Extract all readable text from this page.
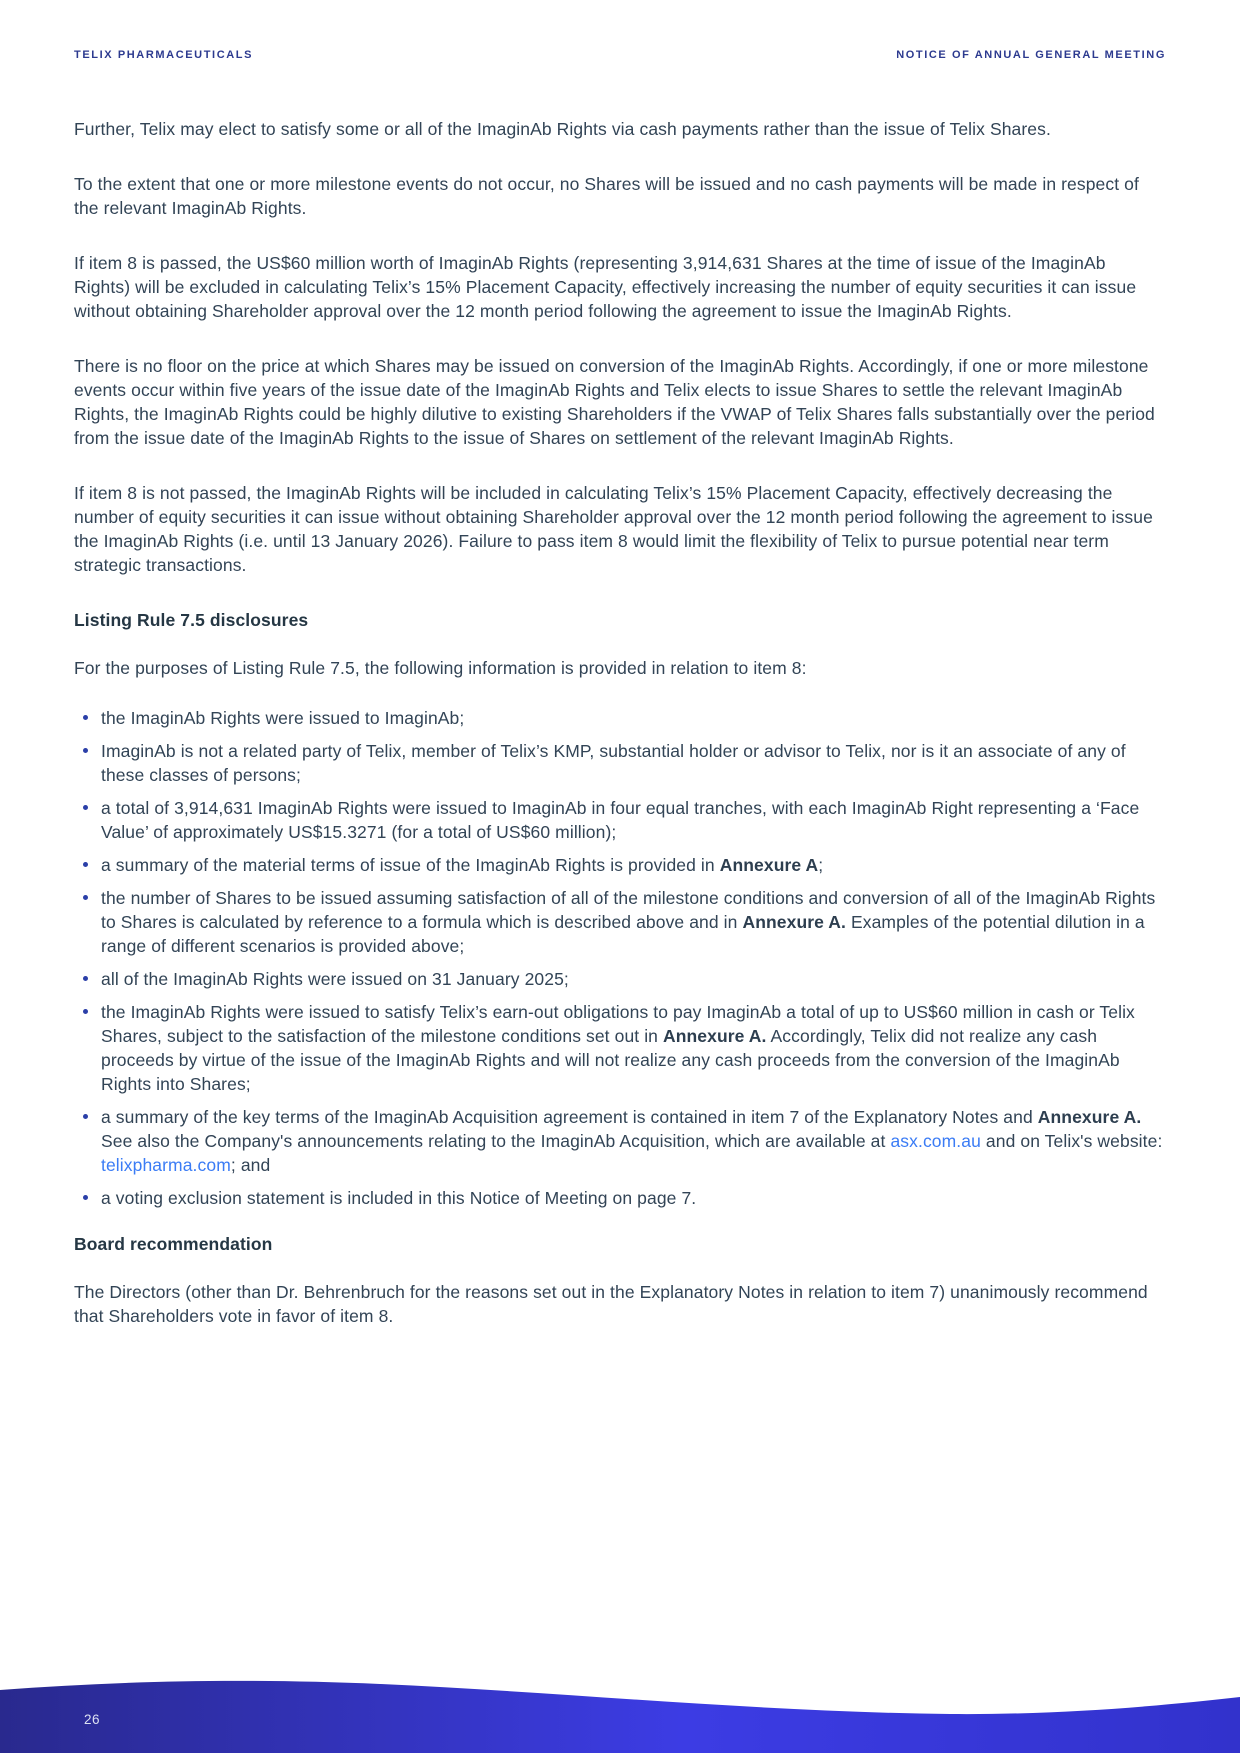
TELIX PHARMACEUTICALS	NOTICE OF ANNUAL GENERAL MEETING

Further, Telix may elect to satisfy some or all of the ImaginAb Rights via cash payments rather than the issue of Telix Shares.

To the extent that one or more milestone events do not occur, no Shares will be issued and no cash payments will be made in respect of the relevant ImaginAb Rights.

If item 8 is passed, the US$60 million worth of ImaginAb Rights (representing 3,914,631 Shares at the time of issue of the ImaginAb Rights) will be excluded in calculating Telix’s 15% Placement Capacity, effectively increasing the number of equity securities it can issue without obtaining Shareholder approval over the 12 month period following the agreement to issue the ImaginAb Rights.

There is no floor on the price at which Shares may be issued on conversion of the ImaginAb Rights. Accordingly, if one or more milestone events occur within five years of the issue date of the ImaginAb Rights and Telix elects to issue Shares to settle the relevant ImaginAb Rights, the ImaginAb Rights could be highly dilutive to existing Shareholders if the VWAP of Telix Shares falls substantially over the period from the issue date of the ImaginAb Rights to the issue of Shares on settlement of the relevant ImaginAb Rights.

If item 8 is not passed, the ImaginAb Rights will be included in calculating Telix’s 15% Placement Capacity, effectively decreasing the number of equity securities it can issue without obtaining Shareholder approval over the 12 month period following the agreement to issue the ImaginAb Rights (i.e. until 13 January 2026). Failure to pass item 8 would limit the flexibility of Telix to pursue potential near term strategic transactions.

Listing Rule 7.5 disclosures

For the purposes of Listing Rule 7.5, the following information is provided in relation to item 8:

the ImaginAb Rights were issued to ImaginAb;
ImaginAb is not a related party of Telix, member of Telix’s KMP, substantial holder or advisor to Telix, nor is it an associate of any of these classes of persons;
a total of 3,914,631 ImaginAb Rights were issued to ImaginAb in four equal tranches, with each ImaginAb Right representing a ‘Face Value’ of approximately US$15.3271 (for a total of US$60 million);
a summary of the material terms of issue of the ImaginAb Rights is provided in Annexure A;
the number of Shares to be issued assuming satisfaction of all of the milestone conditions and conversion of all of the ImaginAb Rights to Shares is calculated by reference to a formula which is described above and in Annexure A. Examples of the potential dilution in a range of different scenarios is provided above;
all of the ImaginAb Rights were issued on 31 January 2025;
the ImaginAb Rights were issued to satisfy Telix’s earn-out obligations to pay ImaginAb a total of up to US$60 million in cash or Telix Shares, subject to the satisfaction of the milestone conditions set out in Annexure A. Accordingly, Telix did not realize any cash proceeds by virtue of the issue of the ImaginAb Rights and will not realize any cash proceeds from the conversion of the ImaginAb Rights into Shares;
a summary of the key terms of the ImaginAb Acquisition agreement is contained in item 7 of the Explanatory Notes and Annexure A. See also the Company's announcements relating to the ImaginAb Acquisition, which are available at asx.com.au and on Telix's website: telixpharma.com; and
a voting exclusion statement is included in this Notice of Meeting on page 7.
Board recommendation

The Directors (other than Dr. Behrenbruch for the reasons set out in the Explanatory Notes in relation to item 7) unanimously recommend that Shareholders vote in favor of item 8.

26
